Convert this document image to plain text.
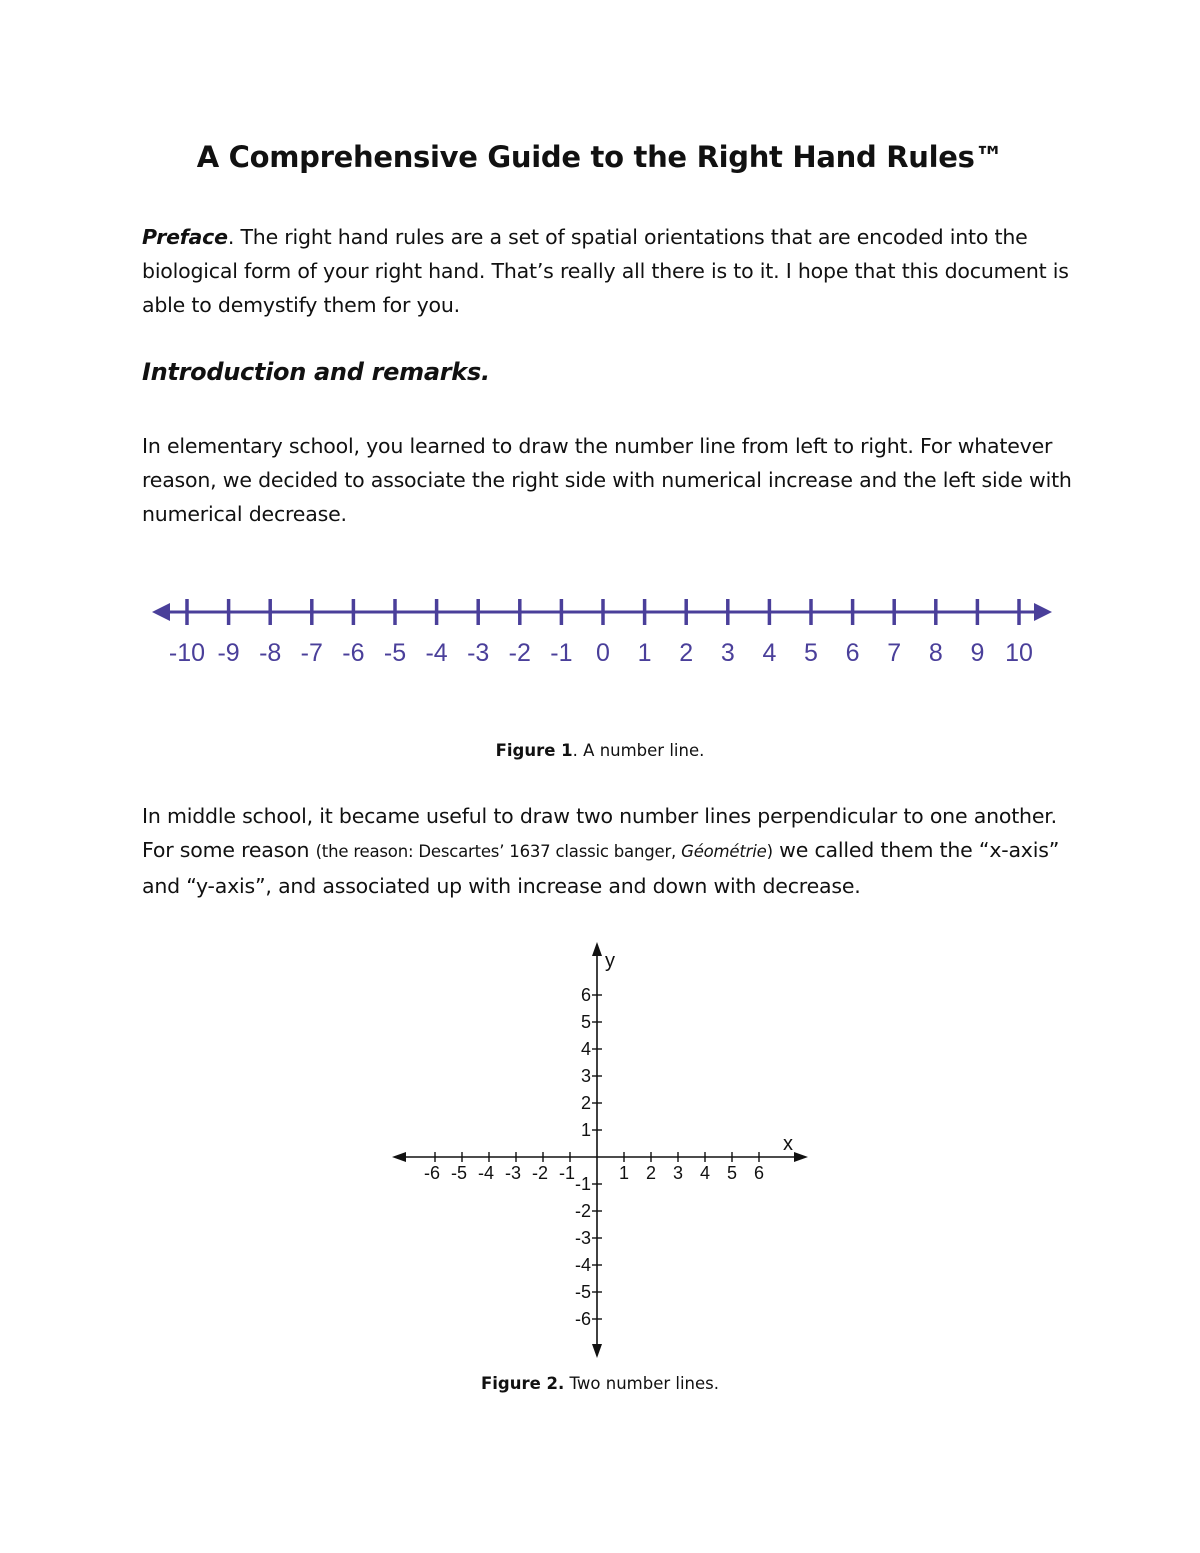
A Comprehensive Guide to the Right Hand Rules™
Preface. The right hand rules are a set of spatial orientations that are encoded into the biological form of your right hand. That’s really all there is to it. I hope that this document is able to demystify them for you.
Introduction and remarks.
In elementary school, you learned to draw the number line from left to right. For whatever reason, we decided to associate the right side with numerical increase and the left side with numerical decrease.
-10 -9 -8 -7 -6 -5 -4 -3 -2 -1 0 1 2 3 4 5 6 7 8 9 10
Figure 1. A number line.
In middle school, it became useful to draw two number lines perpendicular to one another. For some reason (the reason: Descartes’ 1637 classic banger, Géométrie) we called them the “x-axis” and “y-axis”, and associated up with increase and down with decrease.
-6 -5 -4 -3 -2 -1 1 2 3 4 5 6
6
5
4
3
2
1
-1
-2
-3
-4
-5
-6
x
y
Figure 2. Two number lines.
